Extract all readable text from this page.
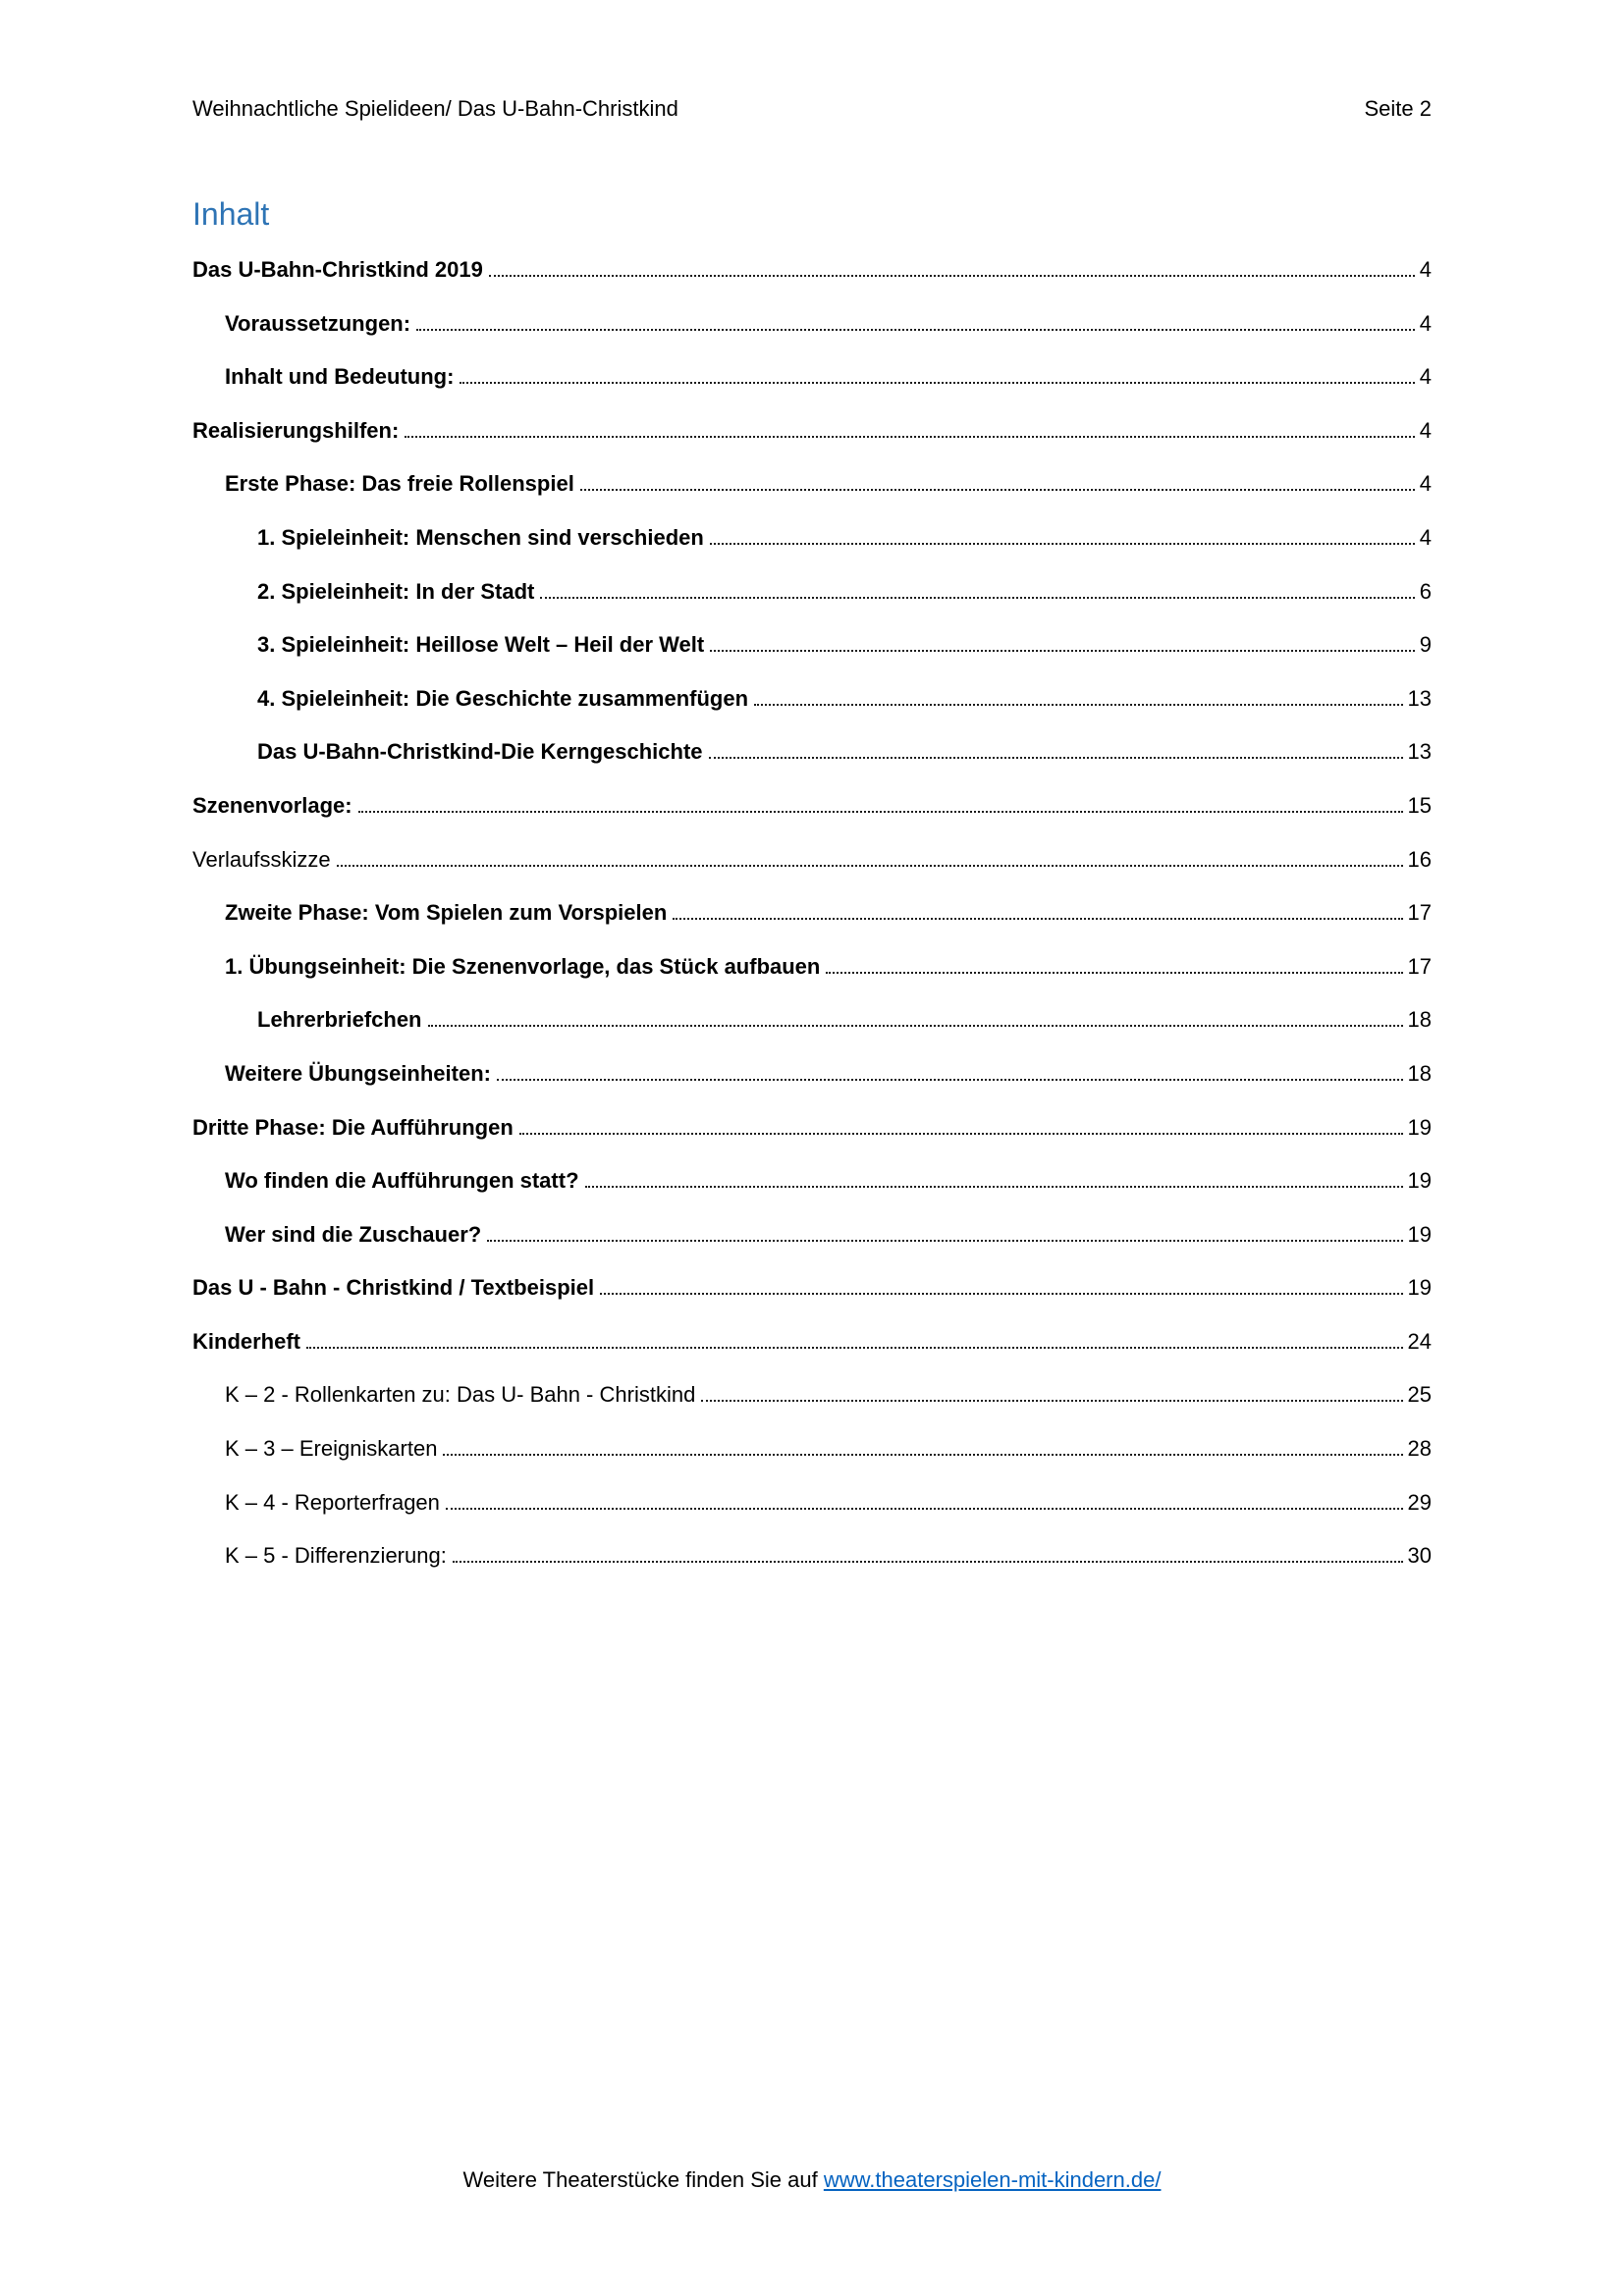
Weihnachtliche Spielideen/ Das U-Bahn-Christkind	Seite 2
Inhalt
Das U-Bahn-Christkind 2019	4
Voraussetzungen:	4
Inhalt und Bedeutung:	4
Realisierungshilfen:	4
Erste Phase: Das freie Rollenspiel	4
1. Spieleinheit: Menschen sind verschieden	4
2. Spieleinheit: In der Stadt	6
3. Spieleinheit: Heillose Welt – Heil der Welt	9
4. Spieleinheit: Die Geschichte zusammenfügen	13
Das U-Bahn-Christkind-Die Kerngeschichte	13
Szenenvorlage:	15
Verlaufsskizze	16
Zweite Phase: Vom Spielen zum Vorspielen	17
1. Übungseinheit: Die Szenenvorlage, das Stück aufbauen	17
Lehrerbriefchen	18
Weitere Übungseinheiten:	18
Dritte Phase: Die Aufführungen	19
Wo finden die Aufführungen statt?	19
Wer sind die Zuschauer?	19
Das U - Bahn - Christkind / Textbeispiel	19
Kinderheft	24
K – 2 - Rollenkarten zu: Das U- Bahn - Christkind	25
K – 3 – Ereigniskarten	28
K – 4 - Reporterfragen	29
K – 5 - Differenzierung:	30
Weitere Theaterstücke finden Sie auf www.theaterspielen-mit-kindern.de/
